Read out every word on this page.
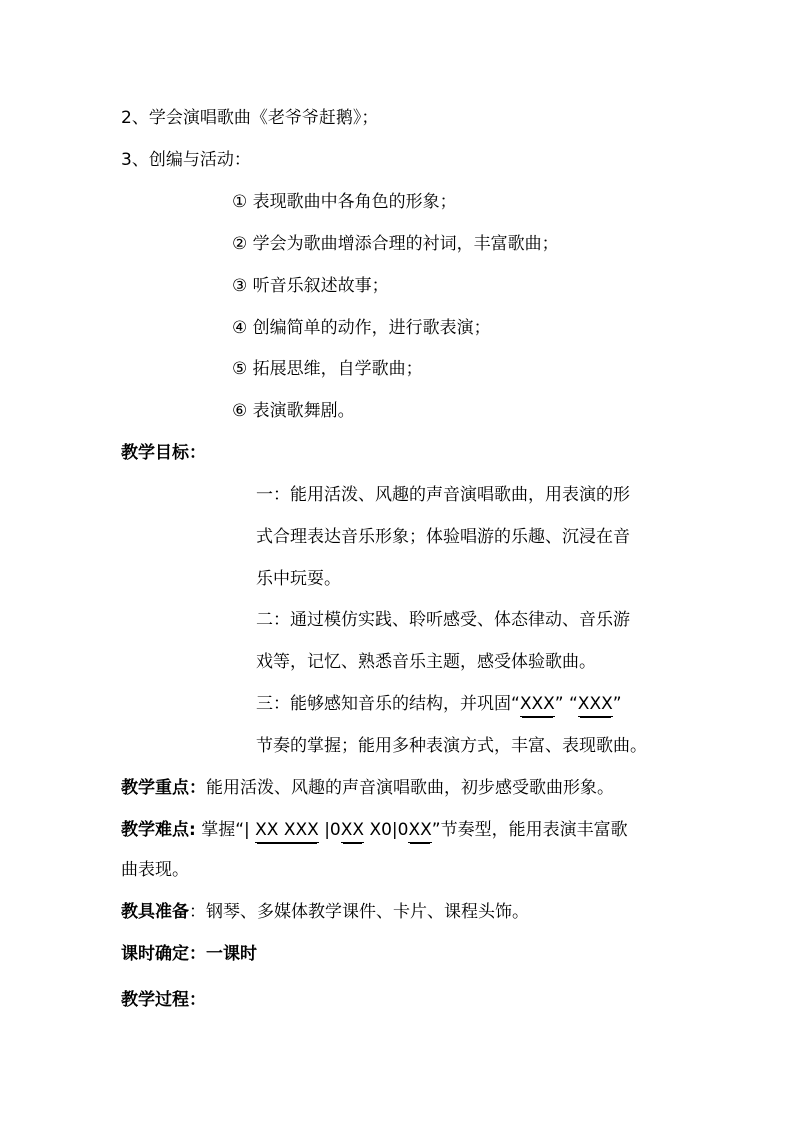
2、学会演唱歌曲《老爷爷赶鹅》；
3、创编与活动：
① 表现歌曲中各角色的形象；
② 学会为歌曲增添合理的衬词，丰富歌曲；
③ 听音乐叙述故事；
④ 创编简单的动作，进行歌表演；
⑤ 拓展思维，自学歌曲；
⑥ 表演歌舞剧。
教学目标：
一：能用活泼、风趣的声音演唱歌曲，用表演的形
式合理表达音乐形象；体验唱游的乐趣、沉浸在音
乐中玩耍。
二：通过模仿实践、聆听感受、体态律动、音乐游
戏等，记忆、熟悉音乐主题，感受体验歌曲。
三：能够感知音乐的结构，并巩固“XXX” “XXX”
节奏的掌握；能用多种表演方式，丰富、表现歌曲。
教学重点：能用活泼、风趣的声音演唱歌曲，初步感受歌曲形象。
教学难点: 掌握“| XX XXX |0XX X0|0XX”节奏型，能用表演丰富歌
曲表现。
教具准备：钢琴、多媒体教学课件、卡片、课程头饰。
课时确定：一课时
教学过程：
